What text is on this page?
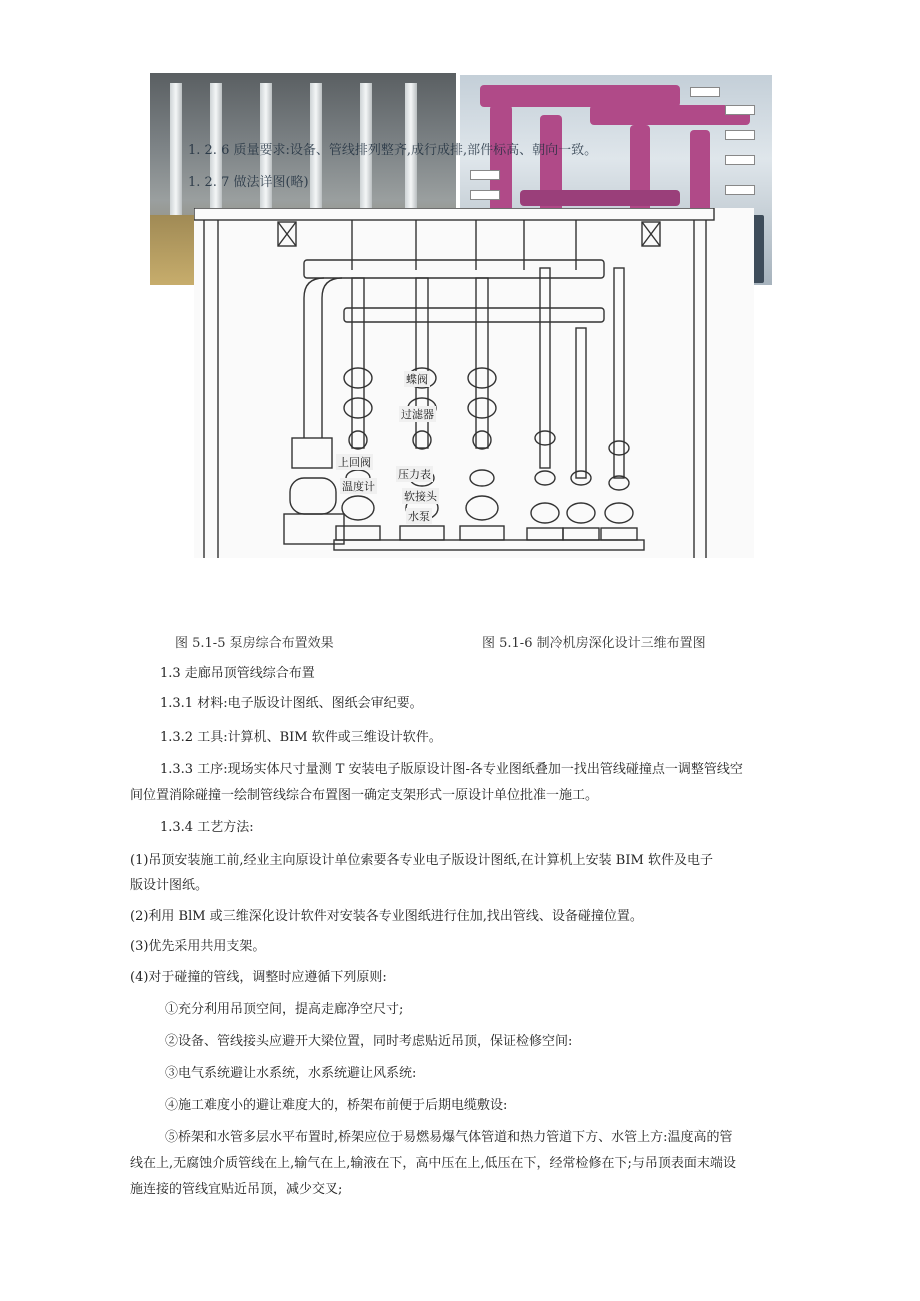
1. 2. 6 质量要求:设备、管线排列整齐,成行成排,部件标高、朝向一致。
1. 2. 7 做法详图(略)
蝶阀
过滤器
上回阀
压力表
温度计
软接头
水泵
图 5.1-5 泵房综合布置效果	图 5.1-6 制冷机房深化设计三维布置图
1.3 走廊吊顶管线综合布置
1.3.1 材料:电子版设计图纸、图纸会审纪要。
1.3.2 工具:计算机、BIM 软件或三维设计软件。
1.3.3 工序:现场实体尺寸量测 T 安装电子版原设计图-各专业图纸叠加一找出管线碰撞点一调整管线空
间位置消除碰撞一绘制管线综合布置图一确定支架形式一原设计单位批准一施工。
1.3.4 工艺方法:
(1)吊顶安装施工前,经业主向原设计单位索要各专业电子版设计图纸,在计算机上安装 BIM 软件及电子
版设计图纸。
(2)利用 BlM 或三维深化设计软件对安装各专业图纸进行住加,找出管线、设备碰撞位置。
(3)优先采用共用支架。
(4)对于碰撞的管线，调整时应遵循下列原则:
①充分利用吊顶空间，提高走廊净空尺寸;
②设备、管线接头应避开大梁位置，同时考虑贴近吊顶，保证检修空间:
③电气系统避让水系统，水系统避让风系统:
④施工难度小的避让难度大的，桥架布前便于后期电缆敷设:
⑤桥架和水管多层水平布置时,桥架应位于易燃易爆气体管道和热力管道下方、水管上方:温度高的管
线在上,无腐蚀介质管线在上,输气在上,输液在下，高中压在上,低压在下，经常检修在下;与吊顶表面末端设
施连接的管线宜贴近吊顶，减少交叉;
